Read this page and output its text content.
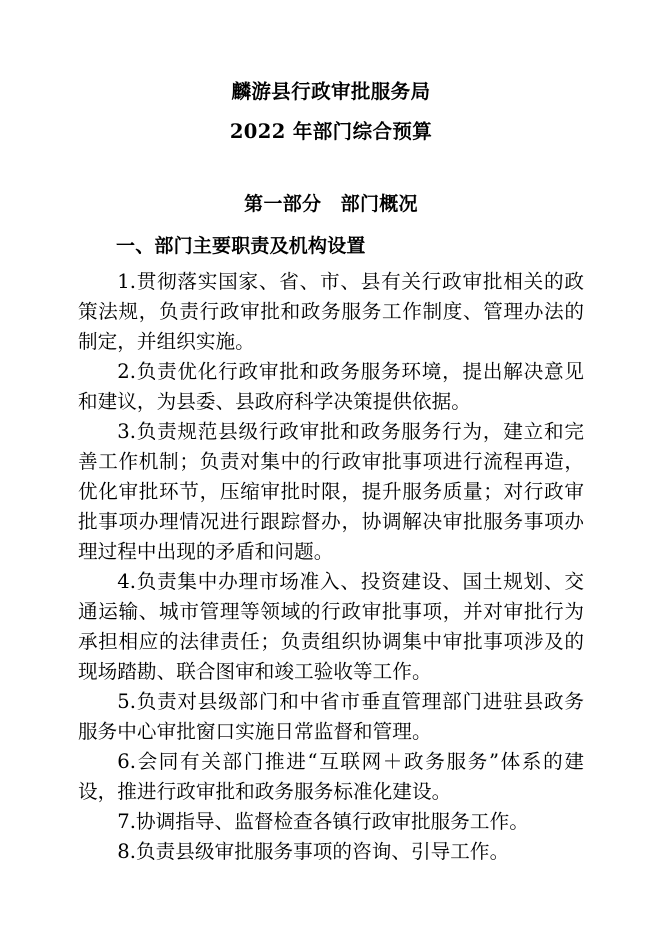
麟游县行政审批服务局
2022 年部门综合预算
第一部分　部门概况
一、部门主要职责及机构设置
1.贯彻落实国家、省、市、县有关行政审批相关的政策法规，负责行政审批和政务服务工作制度、管理办法的制定，并组织实施。
2.负责优化行政审批和政务服务环境，提出解决意见和建议，为县委、县政府科学决策提供依据。
3.负责规范县级行政审批和政务服务行为，建立和完善工作机制；负责对集中的行政审批事项进行流程再造，优化审批环节，压缩审批时限，提升服务质量；对行政审批事项办理情况进行跟踪督办，协调解决审批服务事项办理过程中出现的矛盾和问题。
4.负责集中办理市场准入、投资建设、国土规划、交通运输、城市管理等领域的行政审批事项，并对审批行为承担相应的法律责任；负责组织协调集中审批事项涉及的现场踏勘、联合图审和竣工验收等工作。
5.负责对县级部门和中省市垂直管理部门进驻县政务服务中心审批窗口实施日常监督和管理。
6.会同有关部门推进“互联网＋政务服务”体系的建设，推进行政审批和政务服务标准化建设。
7.协调指导、监督检查各镇行政审批服务工作。
8.负责县级审批服务事项的咨询、引导工作。
